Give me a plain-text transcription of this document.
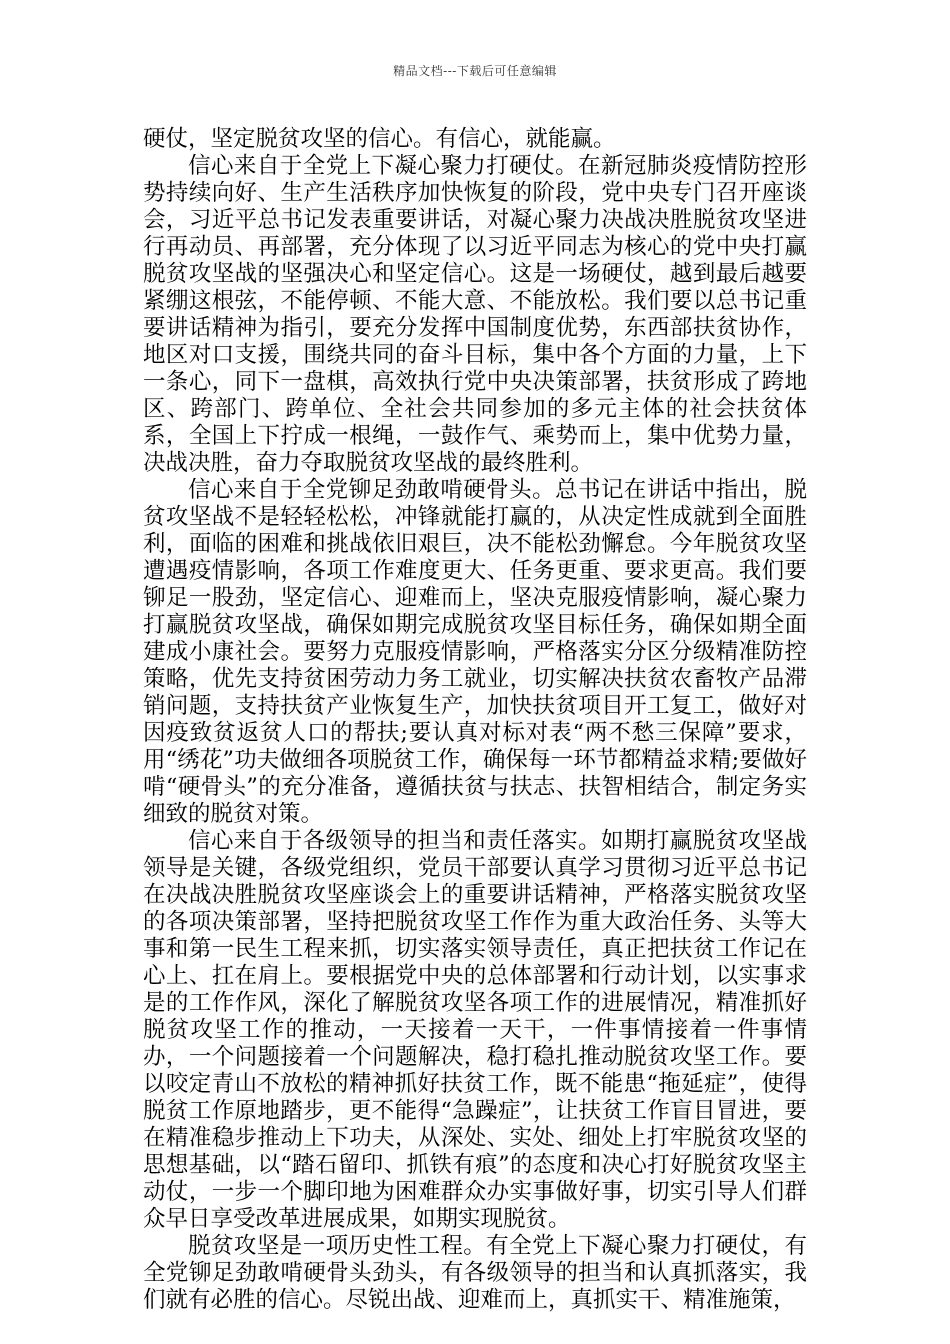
精品文档---下载后可任意编辑

硬仗，坚定脱贫攻坚的信心。有信心，就能赢。

信心来自于全党上下凝心聚力打硬仗。在新冠肺炎疫情防控形势持续向好、生产生活秩序加快恢复的阶段，党中央专门召开座谈会，习近平总书记发表重要讲话，对凝心聚力决战决胜脱贫攻坚进行再动员、再部署，充分体现了以习近平同志为核心的党中央打赢脱贫攻坚战的坚强决心和坚定信心。这是一场硬仗，越到最后越要紧绷这根弦，不能停顿、不能大意、不能放松。我们要以总书记重要讲话精神为指引，要充分发挥中国制度优势，东西部扶贫协作，地区对口支援，围绕共同的奋斗目标，集中各个方面的力量，上下一条心，同下一盘棋，高效执行党中央决策部署，扶贫形成了跨地区、跨部门、跨单位、全社会共同参加的多元主体的社会扶贫体系，全国上下拧成一根绳，一鼓作气、乘势而上，集中优势力量，决战决胜，奋力夺取脱贫攻坚战的最终胜利。

信心来自于全党铆足劲敢啃硬骨头。总书记在讲话中指出，脱贫攻坚战不是轻轻松松，冲锋就能打赢的，从决定性成就到全面胜利，面临的困难和挑战依旧艰巨，决不能松劲懈怠。今年脱贫攻坚遭遇疫情影响，各项工作难度更大、任务更重、要求更高。我们要铆足一股劲，坚定信心、迎难而上，坚决克服疫情影响，凝心聚力打赢脱贫攻坚战，确保如期完成脱贫攻坚目标任务，确保如期全面建成小康社会。要努力克服疫情影响，严格落实分区分级精准防控策略，优先支持贫困劳动力务工就业，切实解决扶贫农畜牧产品滞销问题，支持扶贫产业恢复生产，加快扶贫项目开工复工，做好对因疫致贫返贫人口的帮扶;要认真对标对表“两不愁三保障”要求，用“绣花”功夫做细各项脱贫工作，确保每一环节都精益求精;要做好啃“硬骨头”的充分准备，遵循扶贫与扶志、扶智相结合，制定务实细致的脱贫对策。

信心来自于各级领导的担当和责任落实。如期打赢脱贫攻坚战领导是关键，各级党组织，党员干部要认真学习贯彻习近平总书记在决战决胜脱贫攻坚座谈会上的重要讲话精神，严格落实脱贫攻坚的各项决策部署，坚持把脱贫攻坚工作作为重大政治任务、头等大事和第一民生工程来抓，切实落实领导责任，真正把扶贫工作记在心上、扛在肩上。要根据党中央的总体部署和行动计划，以实事求是的工作作风，深化了解脱贫攻坚各项工作的进展情况，精准抓好脱贫攻坚工作的推动，一天接着一天干，一件事情接着一件事情办，一个问题接着一个问题解决，稳打稳扎推动脱贫攻坚工作。要以咬定青山不放松的精神抓好扶贫工作，既不能患“拖延症”，使得脱贫工作原地踏步，更不能得“急躁症”，让扶贫工作盲目冒进，要在精准稳步推动上下功夫，从深处、实处、细处上打牢脱贫攻坚的思想基础，以“踏石留印、抓铁有痕”的态度和决心打好脱贫攻坚主动仗，一步一个脚印地为困难群众办实事做好事，切实引导人们群众早日享受改革进展成果，如期实现脱贫。

脱贫攻坚是一项历史性工程。有全党上下凝心聚力打硬仗，有全党铆足劲敢啃硬骨头劲头，有各级领导的担当和认真抓落实，我们就有必胜的信心。尽锐出战、迎难而上，真抓实干、精准施策，
